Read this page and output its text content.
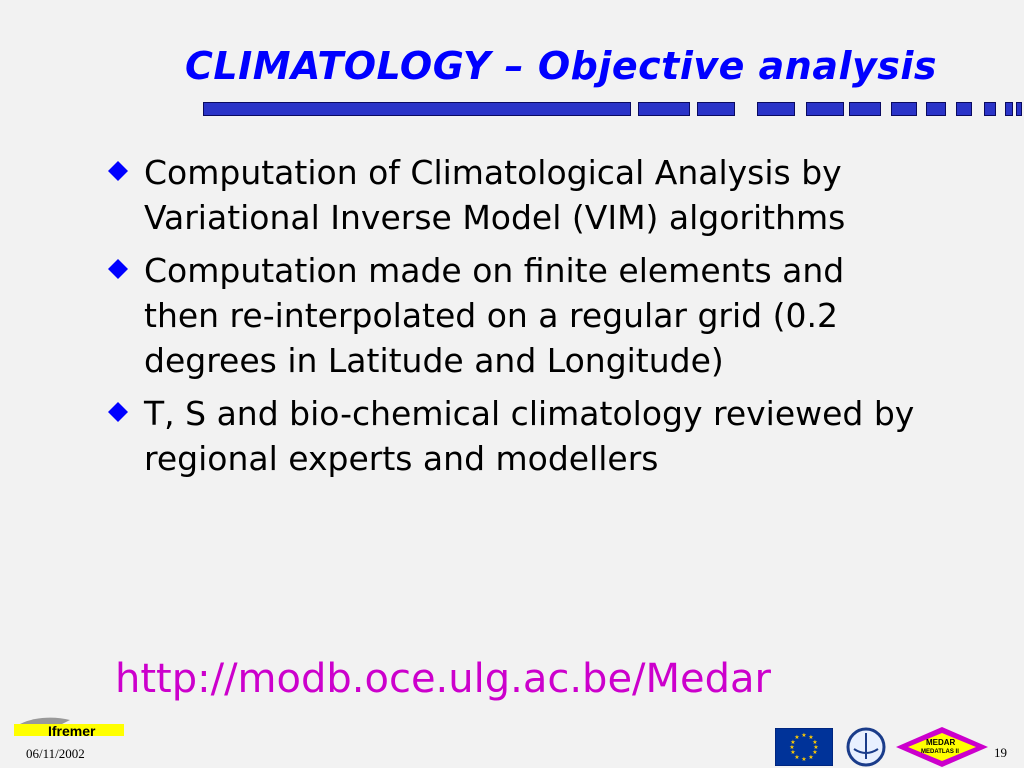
CLIMATOLOGY – Objective analysis
Computation of Climatological Analysis by Variational Inverse Model (VIM) algorithms
Computation made on finite elements and then re-interpolated on a regular grid (0.2 degrees in Latitude and Longitude)
T, S and bio-chemical climatology reviewed by regional experts and modellers
http://modb.oce.ulg.ac.be/Medar
Ifremer
06/11/2002
★ ★
★
★
★
★
★
★
★
★
★
★
MEDAR
MEDATLAS II	19
